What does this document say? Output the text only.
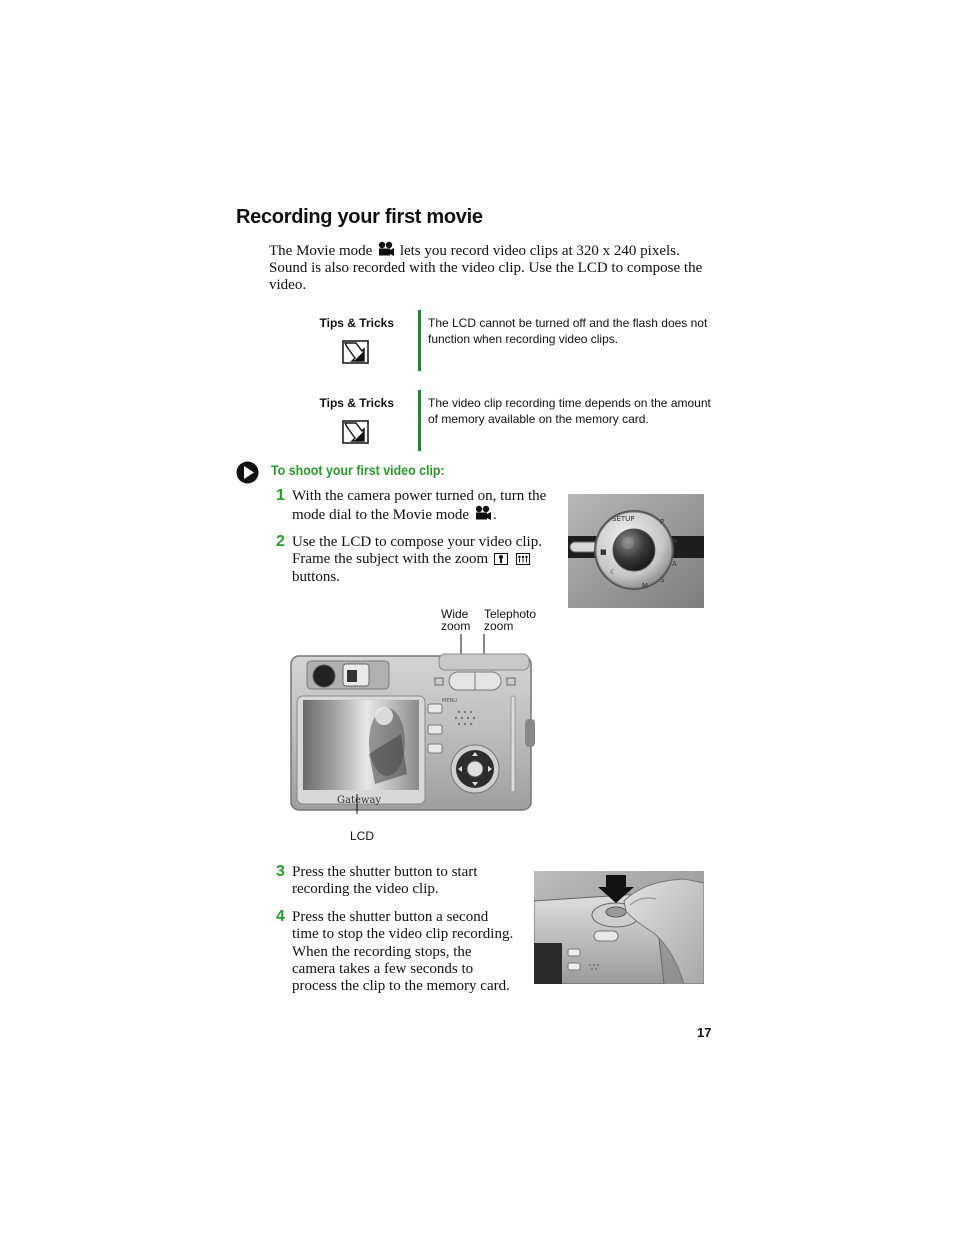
Recording your first movie
The Movie mode lets you record video clips at 320 x 240 pixels. Sound is also recorded with the video clip. Use the LCD to compose the video.
Tips & Tricks	The LCD cannot be turned off and the flash does not function when recording video clips.
Tips & Tricks	The video clip recording time depends on the amount of memory available on the memory card.
To shoot your first video clip:
1 With the camera power turned on, turn the mode dial to the Movie mode .
2 Use the LCD to compose your video clip. Frame the subject with the zoom   buttons.
SETUP	P
▲
A
S
M
☾
■
Wide
zoom
Telephoto
zoom
Gateway
MENU
LCD
3 Press the shutter button to start recording the video clip.
4 Press the shutter button a second time to stop the video clip recording. When the recording stops, the camera takes a few seconds to process the clip to the memory card.
17
